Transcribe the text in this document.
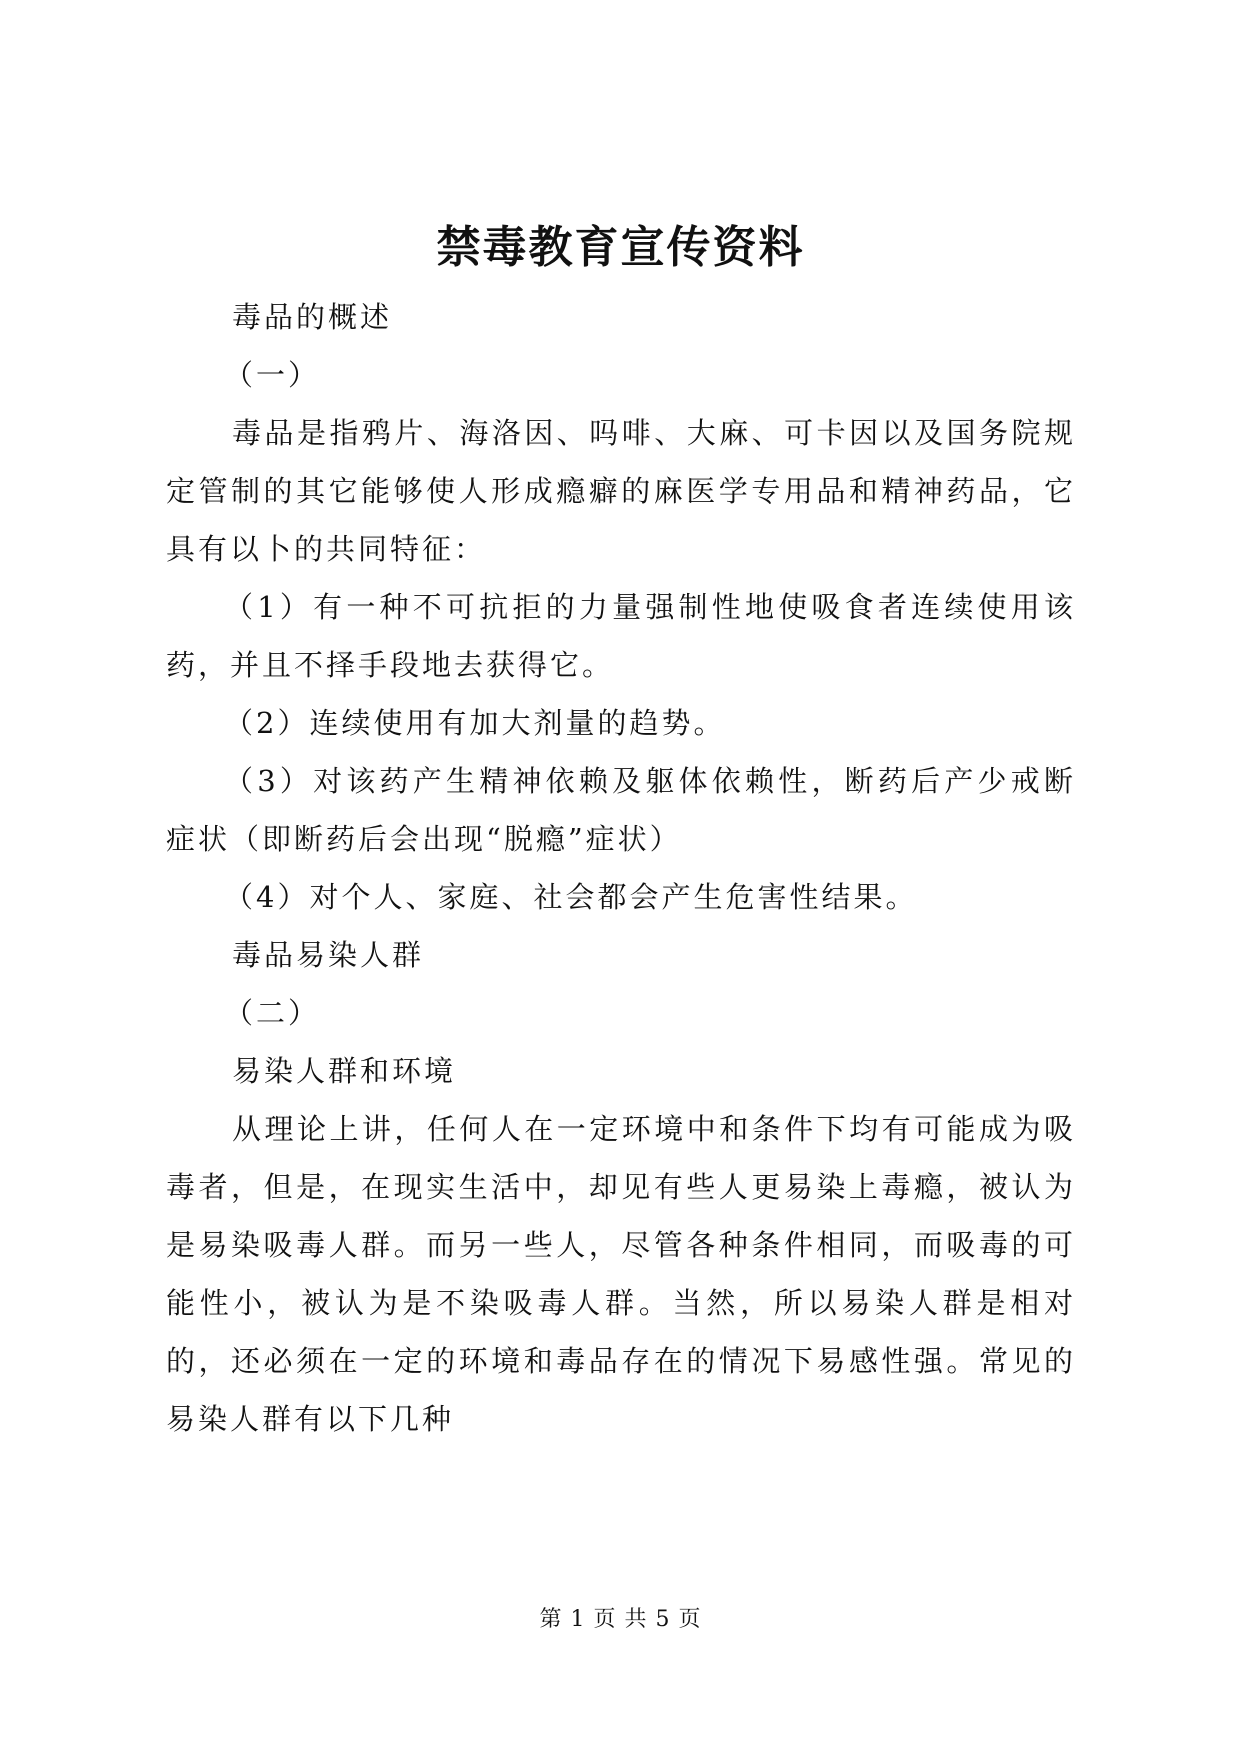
禁毒教育宣传资料

毒品的概述

（一）

毒品是指鸦片、海洛因、吗啡、大麻、可卡因以及国务院规定管制的其它能够使人形成瘾癖的麻医学专用品和精神药品，它具有以卜的共同特征：

（1）有一种不可抗拒的力量强制性地使吸食者连续使用该药，并且不择手段地去获得它。

（2）连续使用有加大剂量的趋势。

（3）对该药产生精神依赖及躯体依赖性，断药后产少戒断症状（即断药后会出现“脱瘾”症状）

（4）对个人、家庭、社会都会产生危害性结果。

毒品易染人群

（二）

易染人群和环境

从理论上讲，任何人在一定环境中和条件下均有可能成为吸毒者，但是，在现实生活中，却见有些人更易染上毒瘾，被认为是易染吸毒人群。而另一些人，尽管各种条件相同，而吸毒的可能性小，被认为是不染吸毒人群。当然，所以易染人群是相对的，还必须在一定的环境和毒品存在的情况下易感性强。常见的易染人群有以下几种

第 1 页 共 5 页
